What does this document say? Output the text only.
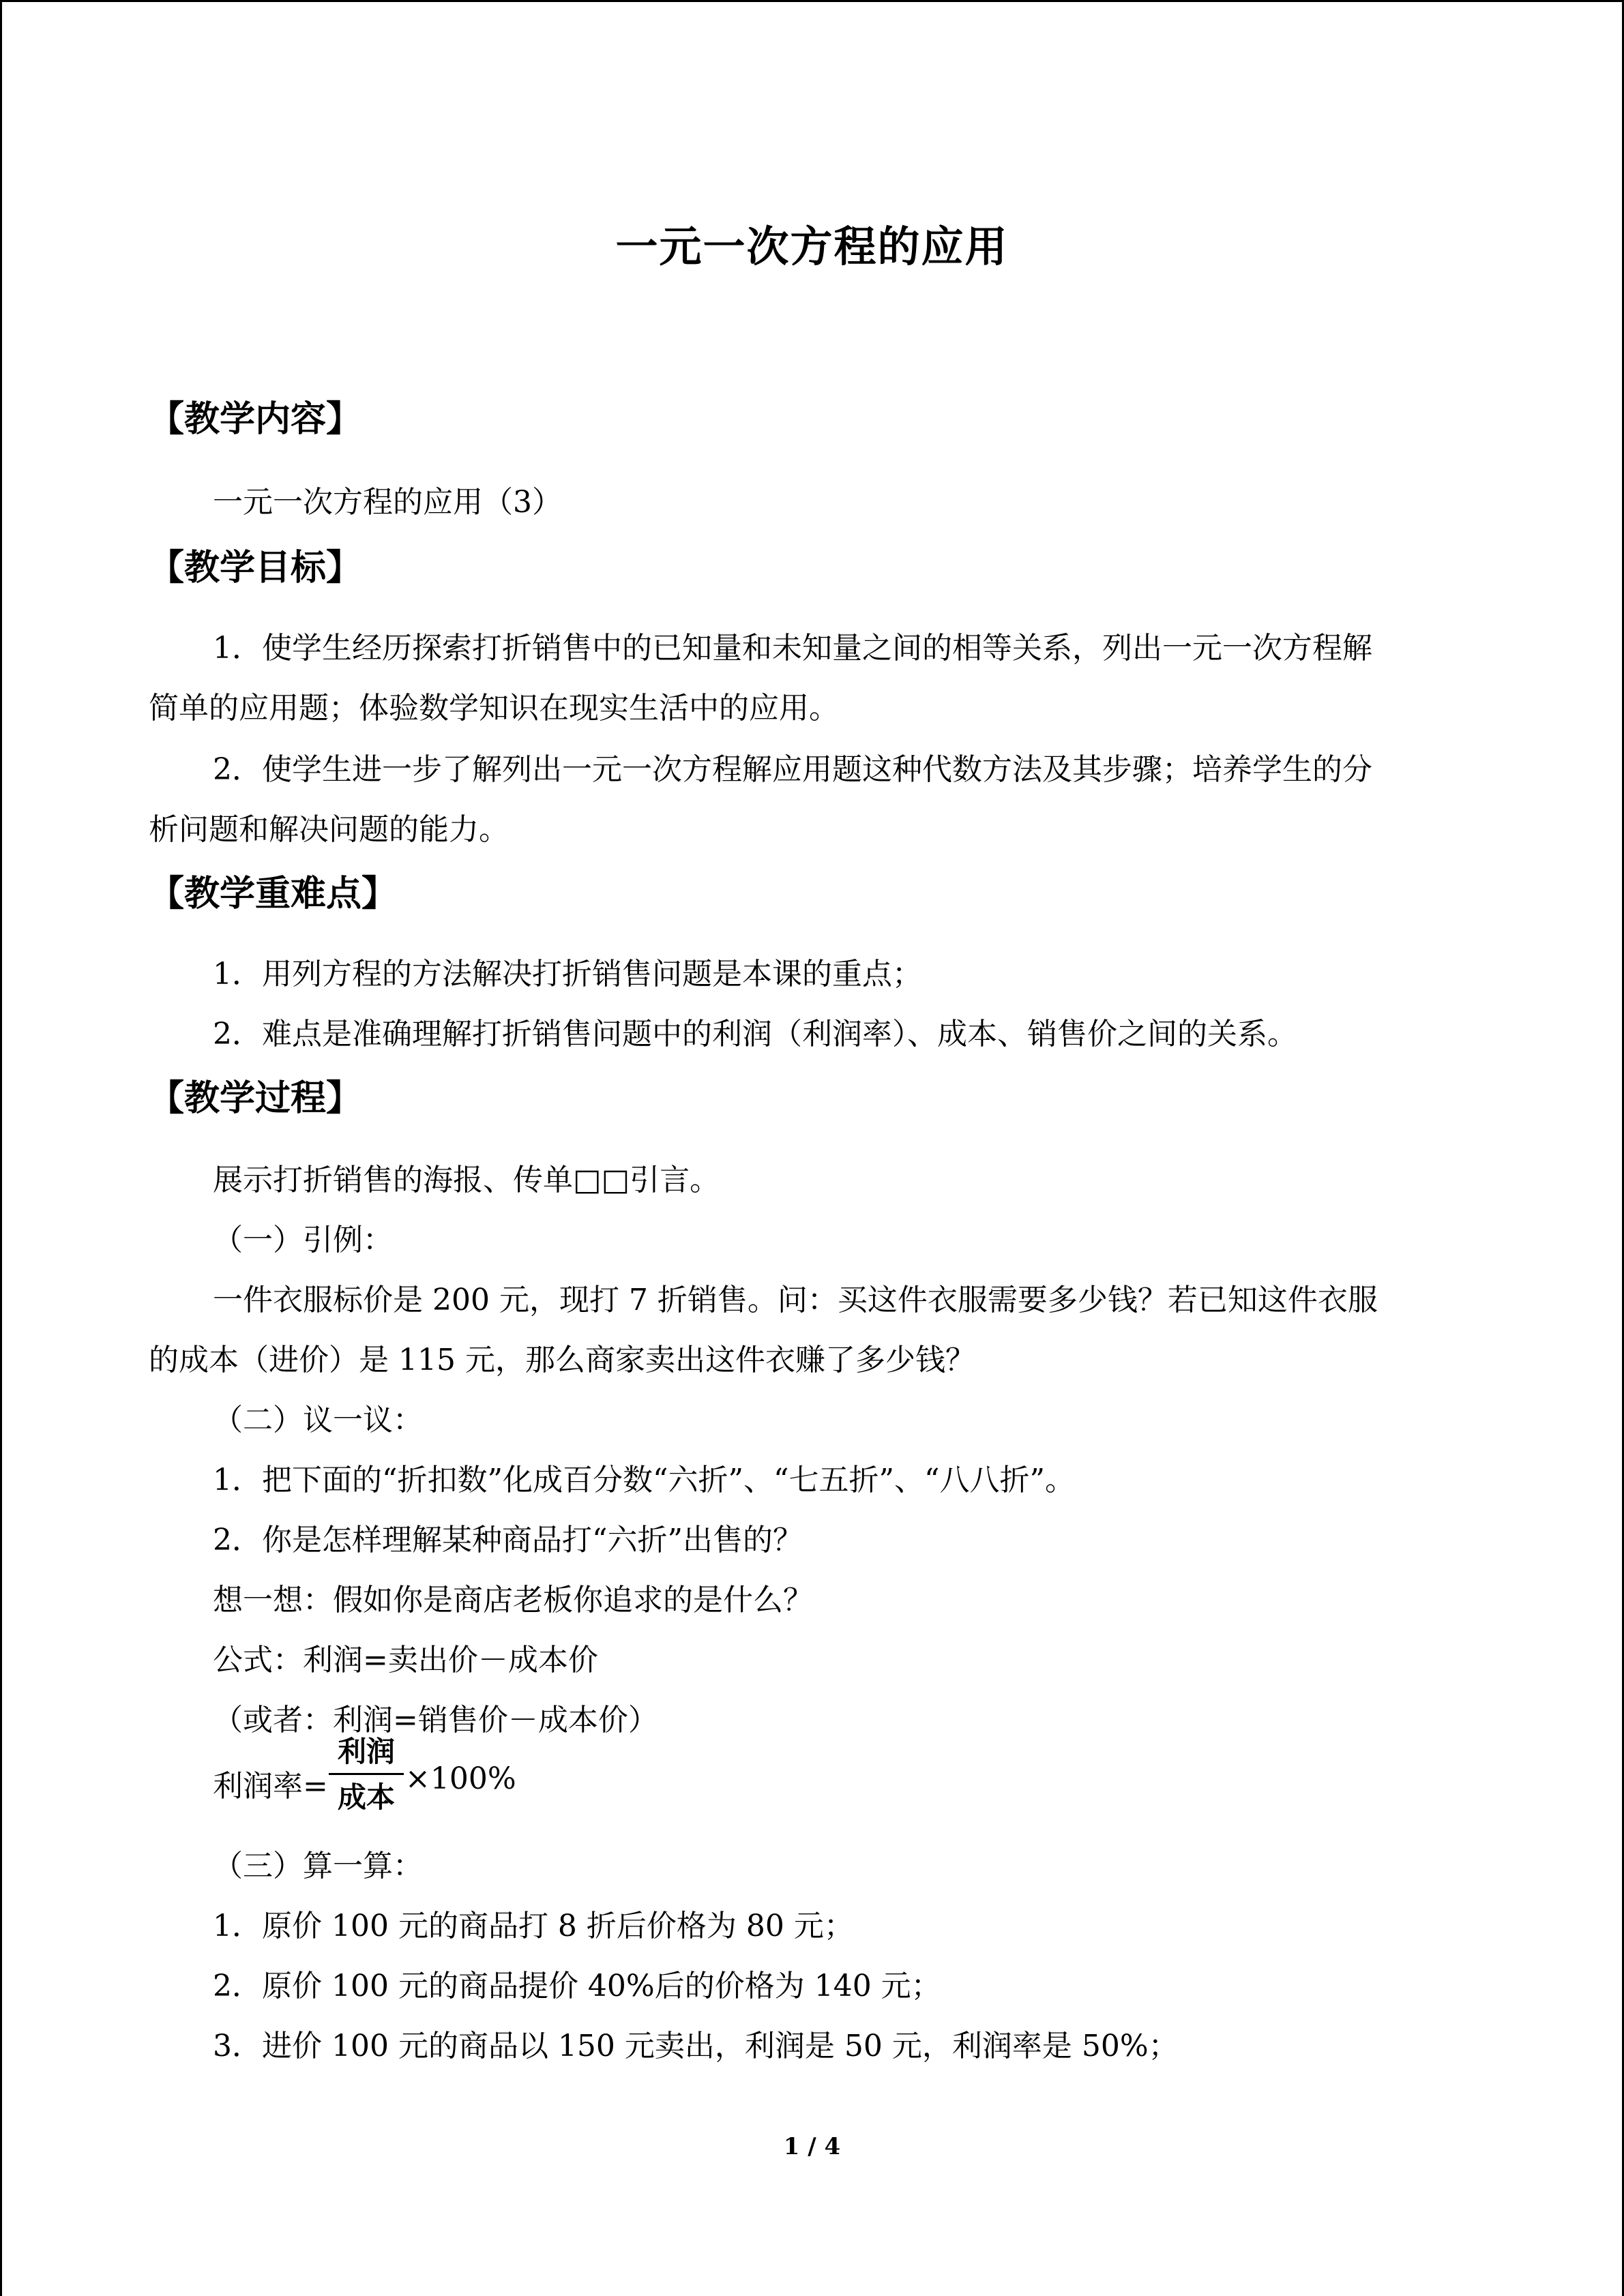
一元一次方程的应用
【教学内容】
一元一次方程的应用（3）
【教学目标】
1．使学生经历探索打折销售中的已知量和未知量之间的相等关系，列出一元一次方程解
简单的应用题；体验数学知识在现实生活中的应用。
2．使学生进一步了解列出一元一次方程解应用题这种代数方法及其步骤；培养学生的分
析问题和解决问题的能力。
【教学重难点】
1．用列方程的方法解决打折销售问题是本课的重点；
2．难点是准确理解打折销售问题中的利润（利润率）、成本、销售价之间的关系。
【教学过程】
展示打折销售的海报、传单□□引言。
（一）引例：
一件衣服标价是 200 元，现打 7 折销售。问：买这件衣服需要多少钱？若已知这件衣服
的成本（进价）是 115 元，那么商家卖出这件衣赚了多少钱？
（二）议一议：
1．把下面的“折扣数”化成百分数“六折”、“七五折”、“八八折”。
2．你是怎样理解某种商品打“六折”出售的？
想一想：假如你是商店老板你追求的是什么？
公式：利润=卖出价－成本价
（或者：利润=销售价－成本价）
利润率=
利润
成本
×100%
（三）算一算：
1．原价 100 元的商品打 8 折后价格为 80 元；
2．原价 100 元的商品提价 40%后的价格为 140 元；
3．进价 100 元的商品以 150 元卖出，利润是 50 元，利润率是 50%；
1 / 4
